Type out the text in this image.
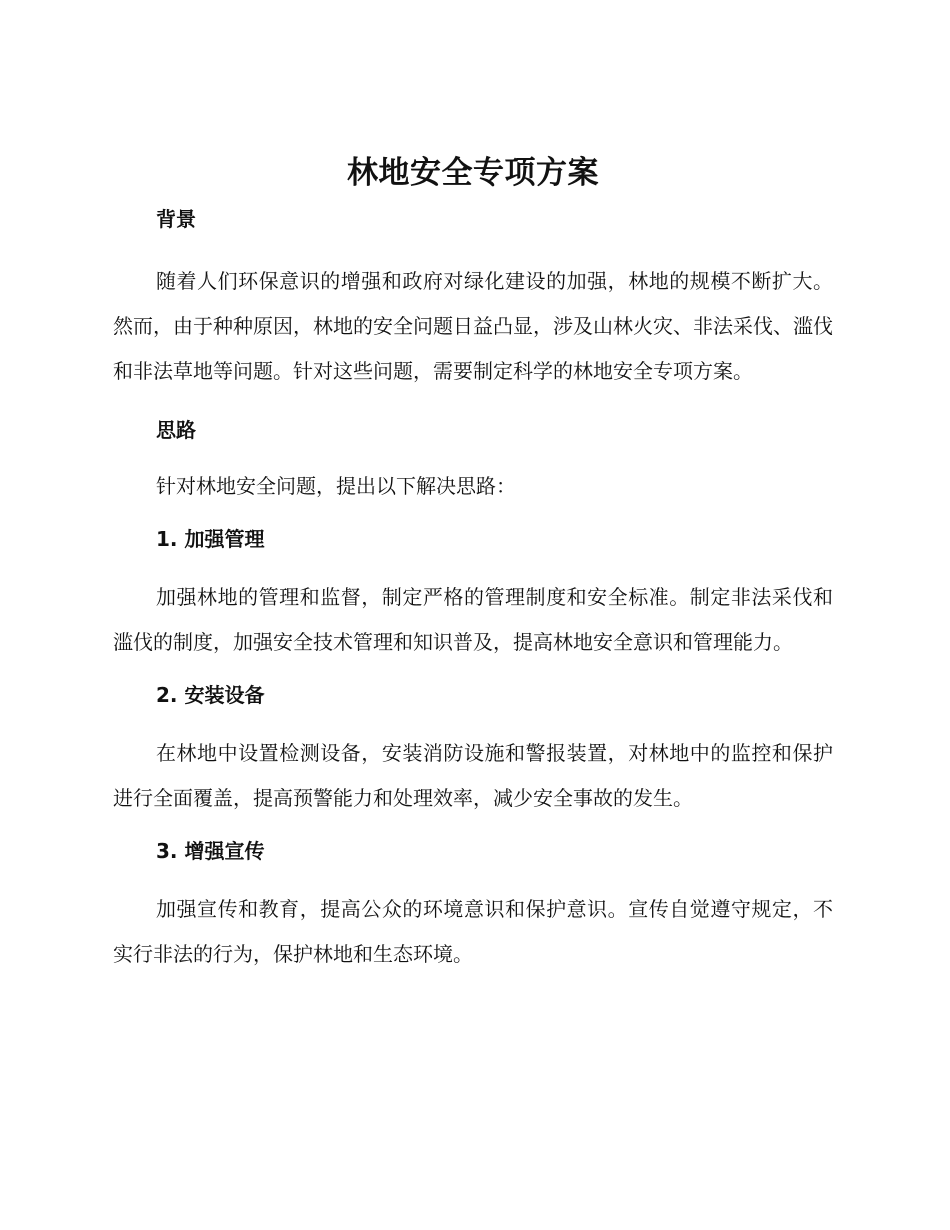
林地安全专项方案
背景

随着人们环保意识的增强和政府对绿化建设的加强，林地的规模不断扩大。然而，由于种种原因，林地的安全问题日益凸显，涉及山林火灾、非法采伐、滥伐和非法草地等问题。针对这些问题，需要制定科学的林地安全专项方案。

思路

针对林地安全问题，提出以下解决思路：

1. 加强管理

加强林地的管理和监督，制定严格的管理制度和安全标准。制定非法采伐和滥伐的制度，加强安全技术管理和知识普及，提高林地安全意识和管理能力。

2. 安装设备

在林地中设置检测设备，安装消防设施和警报装置，对林地中的监控和保护进行全面覆盖，提高预警能力和处理效率，减少安全事故的发生。

3. 增强宣传

加强宣传和教育，提高公众的环境意识和保护意识。宣传自觉遵守规定，不实行非法的行为，保护林地和生态环境。
